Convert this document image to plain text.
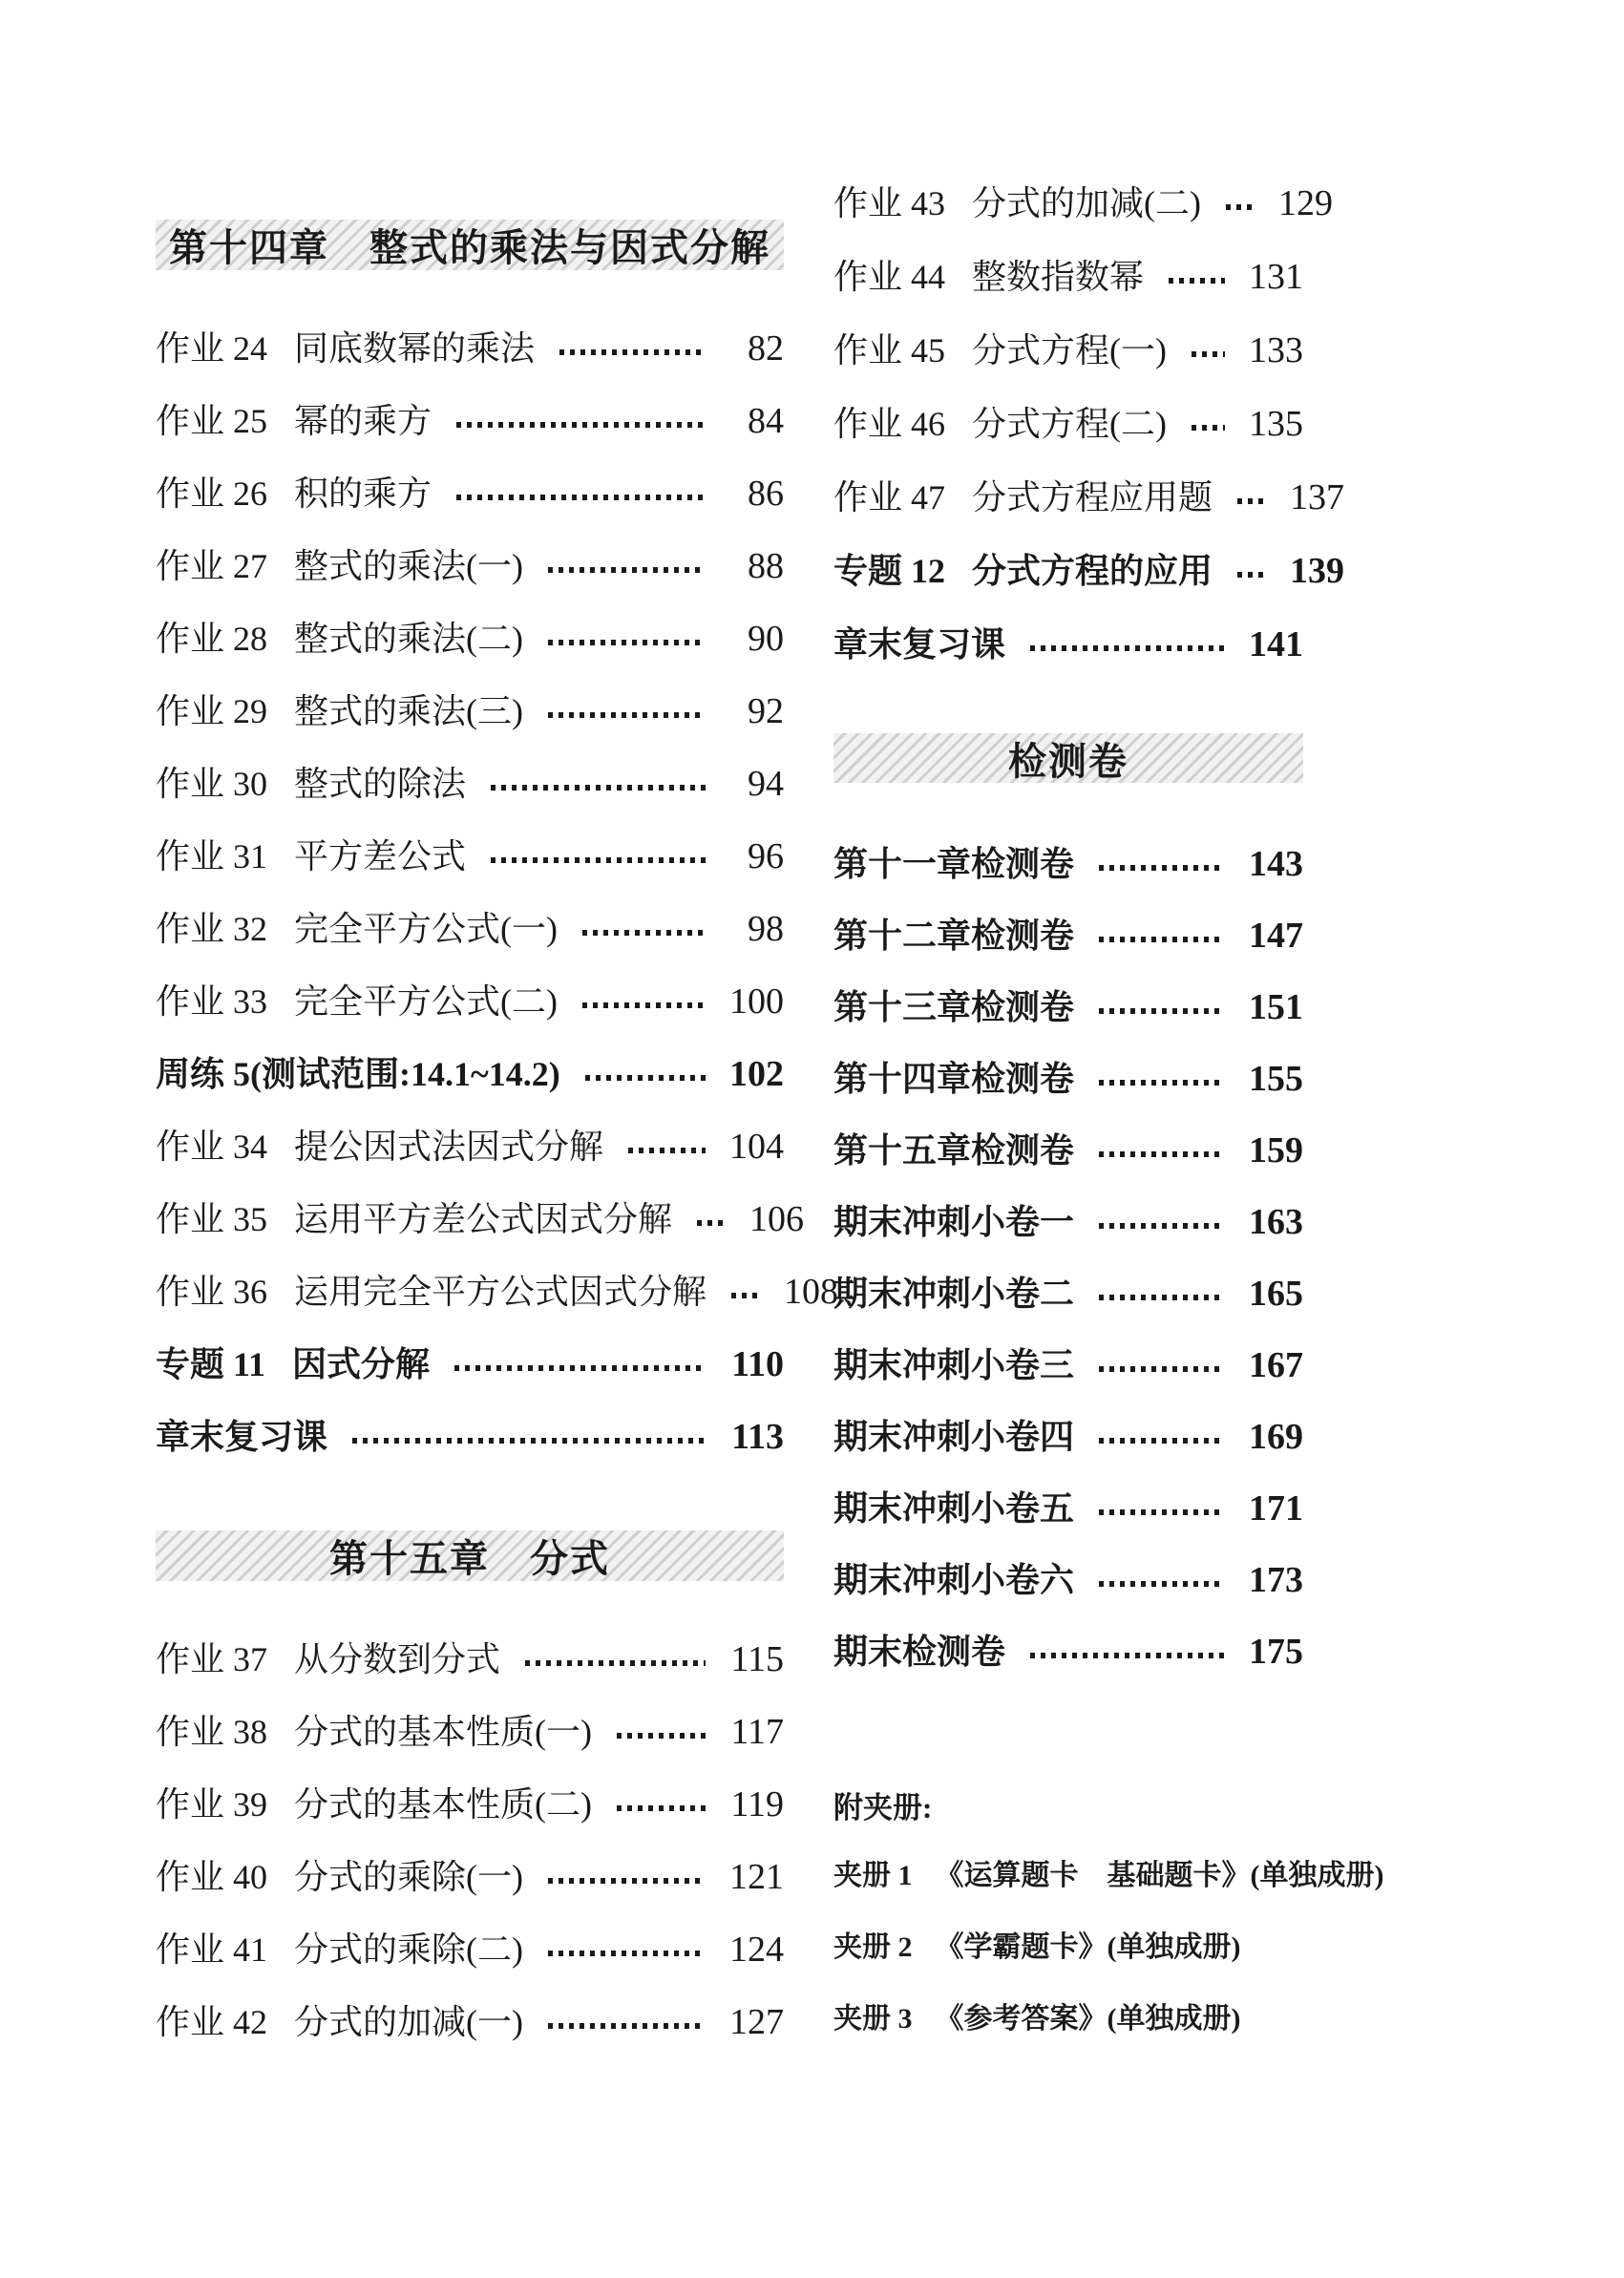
第十四章　整式的乘法与因式分解
作业 24 同底数幂的乘法	82
作业 25 幂的乘方	84
作业 26 积的乘方	86
作业 27 整式的乘法(一)	88
作业 28 整式的乘法(二)	90
作业 29 整式的乘法(三)	92
作业 30 整式的除法	94
作业 31 平方差公式	96
作业 32 完全平方公式(一)	98
作业 33 完全平方公式(二)	100
周练 5(测试范围:14.1~14.2)	102
作业 34 提公因式法因式分解	104
作业 35 运用平方差公式因式分解 106
作业 36 运用完全平方公式因式分解 108
专题 11 因式分解	110
章末复习课	113
第十五章　分式
作业 37 从分数到分式	115
作业 38 分式的基本性质(一)	117
作业 39 分式的基本性质(二)	119
作业 40 分式的乘除(一)	121
作业 41 分式的乘除(二)	124
作业 42 分式的加减(一)	127
作业 43 分式的加减(二) 129
作业 44 整数指数幂	131
作业 45 分式方程(一) 133
作业 46 分式方程(二) 135
作业 47 分式方程应用题 137
专题 12 分式方程的应用 139
章末复习课	141
检测卷
第十一章检测卷	143
第十二章检测卷	147
第十三章检测卷	151
第十四章检测卷	155
第十五章检测卷	159
期末冲刺小卷一	163
期末冲刺小卷二	165
期末冲刺小卷三	167
期末冲刺小卷四	169
期末冲刺小卷五	171
期末冲刺小卷六	173
期末检测卷	175
附夹册:
夹册 1 《运算题卡　基础题卡》(单独成册)
夹册 2 《学霸题卡》(单独成册)
夹册 3 《参考答案》(单独成册)
